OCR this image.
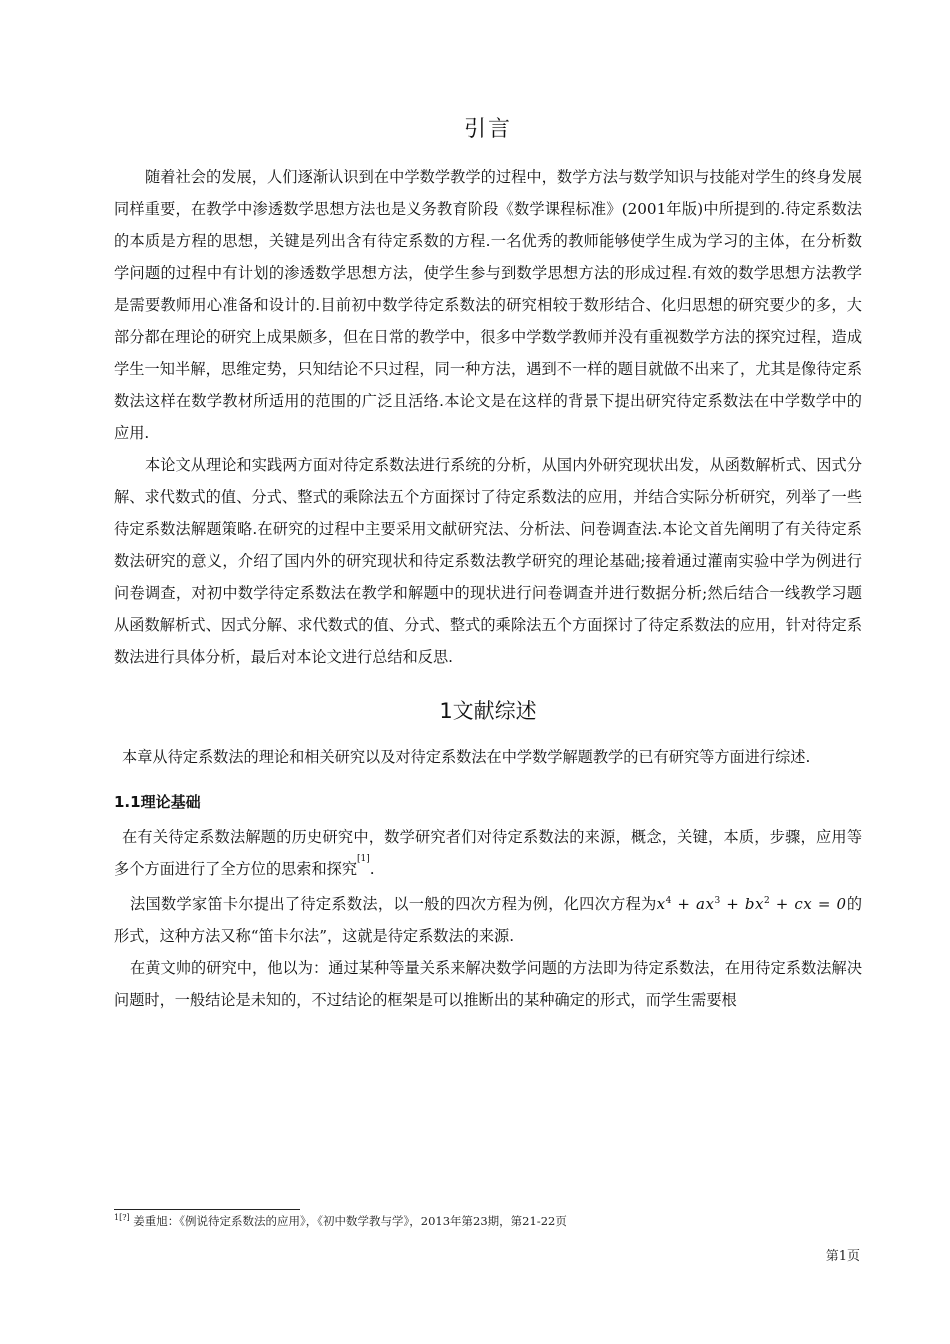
引言

随着社会的发展，人们逐渐认识到在中学数学教学的过程中，数学方法与数学知识与技能对学生的终身发展同样重要，在教学中渗透数学思想方法也是义务教育阶段《数学课程标准》(2001年版)中所提到的.待定系数法的本质是方程的思想，关键是列出含有待定系数的方程.一名优秀的教师能够使学生成为学习的主体，在分析数学问题的过程中有计划的渗透数学思想方法，使学生参与到数学思想方法的形成过程.有效的数学思想方法教学是需要教师用心准备和设计的.目前初中数学待定系数法的研究相较于数形结合、化归思想的研究要少的多，大部分都在理论的研究上成果颇多，但在日常的教学中，很多中学数学教师并没有重视数学方法的探究过程，造成学生一知半解，思维定势，只知结论不只过程，同一种方法，遇到不一样的题目就做不出来了，尤其是像待定系数法这样在数学教材所适用的范围的广泛且活络.本论文是在这样的背景下提出研究待定系数法在中学数学中的应用.

本论文从理论和实践两方面对待定系数法进行系统的分析，从国内外研究现状出发，从函数解析式、因式分解、求代数式的值、分式、整式的乘除法五个方面探讨了待定系数法的应用，并结合实际分析研究，列举了一些待定系数法解题策略.在研究的过程中主要采用文献研究法、分析法、问卷调查法.本论文首先阐明了有关待定系数法研究的意义，介绍了国内外的研究现状和待定系数法教学研究的理论基础;接着通过灌南实验中学为例进行问卷调查，对初中数学待定系数法在教学和解题中的现状进行问卷调查并进行数据分析;然后结合一线教学习题从函数解析式、因式分解、求代数式的值、分式、整式的乘除法五个方面探讨了待定系数法的应用，针对待定系数法进行具体分析，最后对本论文进行总结和反思.

1文献综述

本章从待定系数法的理论和相关研究以及对待定系数法在中学数学解题教学的已有研究等方面进行综述.

1.1理论基础

在有关待定系数法解题的历史研究中，数学研究者们对待定系数法的来源，概念，关键，本质，步骤，应用等多个方面进行了全方位的思索和探究[1].

法国数学家笛卡尔提出了待定系数法，以一般的四次方程为例，化四次方程为$x^4 + ax^3 + bx^2$ + cx = 0的形式，这种方法又称“笛卡尔法”，这就是待定系数法的来源.

在黄文帅的研究中，他以为：通过某种等量关系来解决数学问题的方法即为待定系数法，在用待定系数法解决问题时，一般结论是未知的，不过结论的框架是可以推断出的某种确定的形式，而学生需要根

$^{1[?]}$ 姜重旭：《例说待定系数法的应用》，《初中数学教与学》，2013年第23期，第21-22页
第1页
